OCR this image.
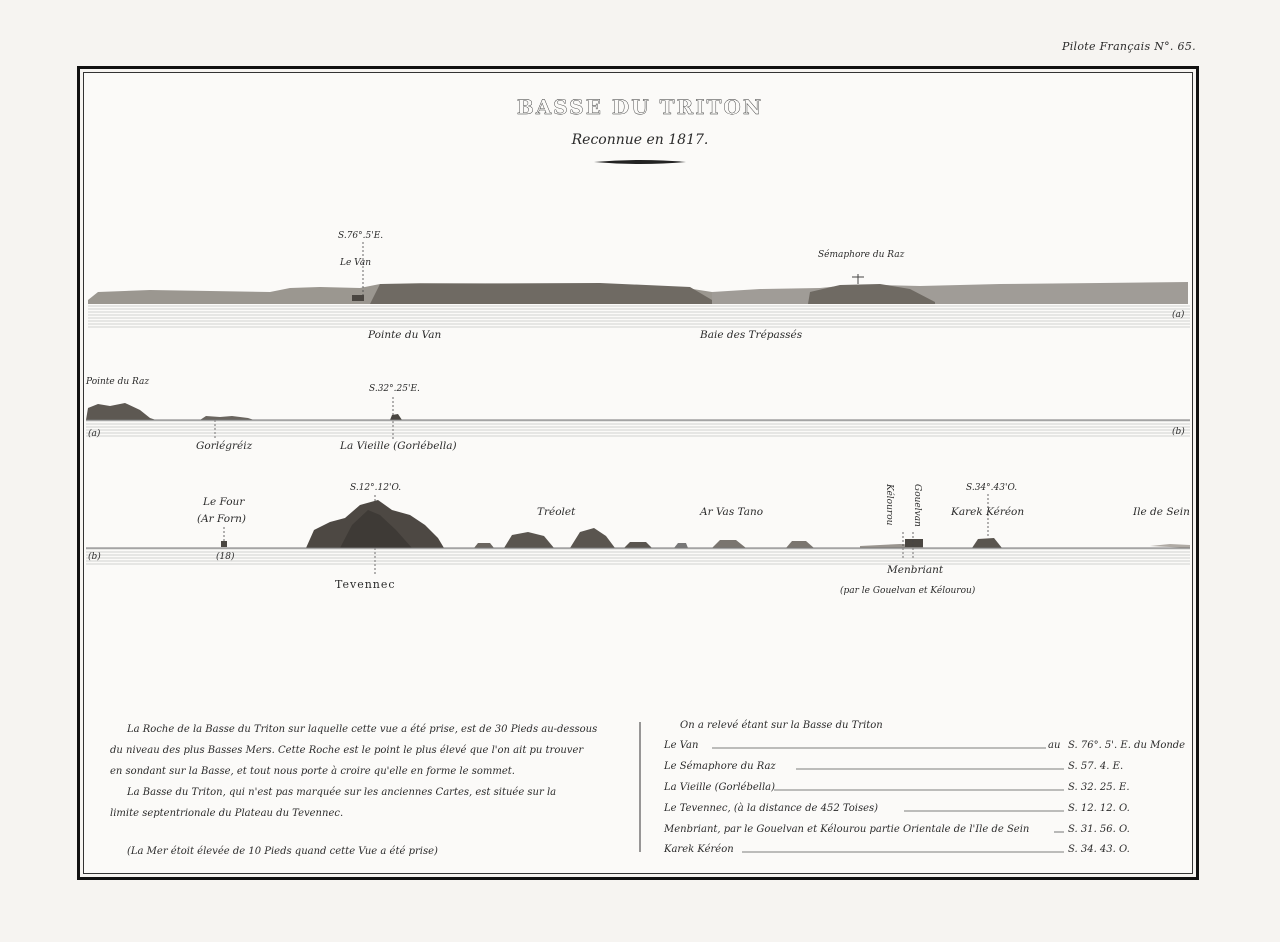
Pilote Français N°. 65.
BASSE DU TRITON
Reconnue en 1817.
S.76°.5'E.
Le Van
Sémaphore du Raz
Pointe du Van	Baie des Trépassés
(a)
Pointe du Raz
S.32°.25'E.
(a)	(b)
Gorlégréiz	La Vieille (Gorlébella)
(b)
Le Four
(Ar Forn)
(18)
S.12°.12'O.
Tréolet	Ar Vas Tano	Kélourou Gouelvan	S.34°.43'O.
Karek Kéréon	Ile de Sein
Tevennec
Menbriant
(par le Gouelvan et Kélourou)
La Roche de la Basse du Triton sur laquelle cette vue a été prise, est de 30 Pieds au-dessous
du niveau des plus Basses Mers. Cette Roche est le point le plus élevé que l'on ait pu trouver
en sondant sur la Basse, et tout nous porte à croire qu'elle en forme le sommet.
La Basse du Triton, qui n'est pas marquée sur les anciennes Cartes, est située sur la
limite septentrionale du Plateau du Tevennec.
(La Mer étoit élevée de 10 Pieds quand cette Vue a été prise)
On a relevé étant sur la Basse du Triton
Le Van	au S. 76°. 5'. E. du Monde
Le Sémaphore du Raz	S. 57. 4. E.
La Vieille (Gorlébella)	S. 32. 25. E.
Le Tevennec, (à la distance de 452 Toises)	S. 12. 12. O.
Menbriant, par le Gouelvan et Kélourou partie Orientale de l'Ile de Sein	S. 31. 56. O.
Karek Kéréon	S. 34. 43. O.
